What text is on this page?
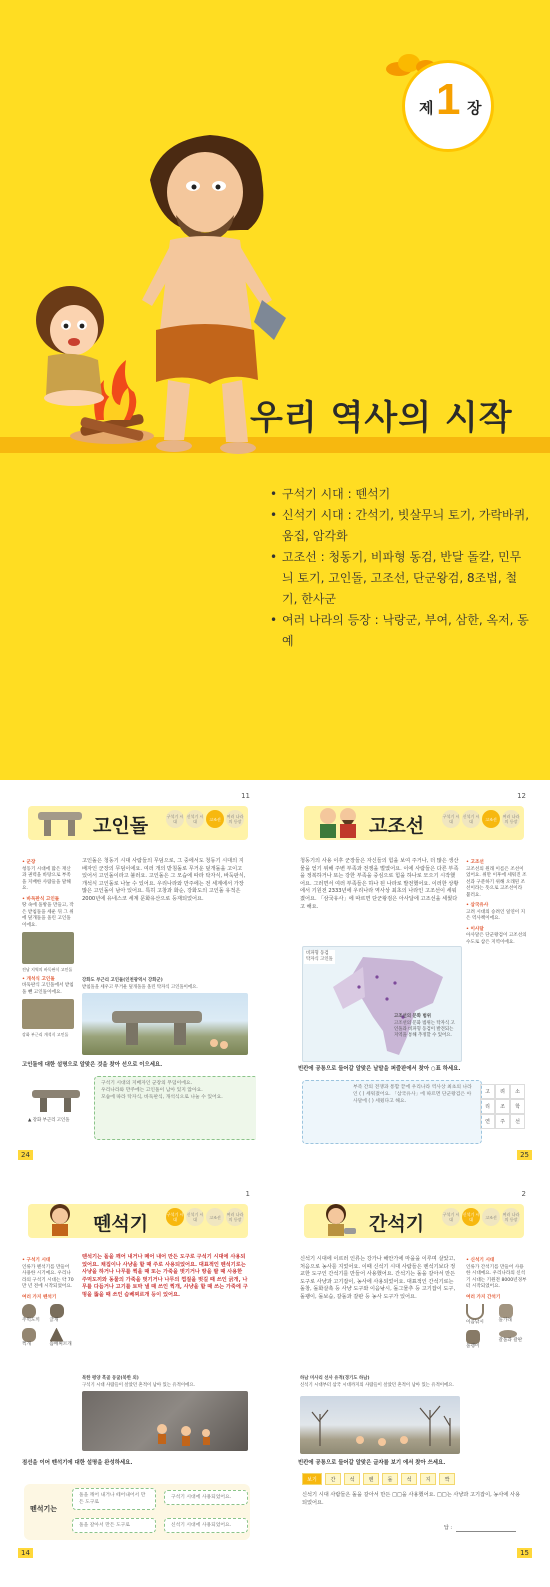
제 1 장
우리 역사의 시작
• 구석기 시대 : 뗀석기
• 신석기 시대 : 간석기, 빗살무늬 토기, 가락바퀴, 움집, 암각화
• 고조선 : 청동기, 비파형 동검, 반달 돌칼, 민무늬 토기, 고인돌, 고조선, 단군왕검, 8조법, 철기, 한사군
• 여러 나라의 등장 : 낙랑군, 부여, 삼한, 옥저, 동예
11
고인돌	구석기 시대
신석기 시대	고조선	여러 나라의 등장
• 군장
청동기 시대에 많은 재산과 권력을 바탕으로 부족을 지배한 사람들을 말해요.
• 바둑판식 고인돌
땅 속에 돌방을 만들고, 작은 받침돌을 세운 뒤 그 위에 덮개돌을 올린 고인돌이에요.
전남 지역의 바둑판식 고인돌
• 개석식 고인돌
바둑판식 고인돌에서 받침돌 뺀 고인돌이에요.
강화 부근리 개석식 고인돌
고인돌은 청동기 시대 사람들의 무덤으로, 그 중에서도 청동기 시대의 지배자인 군장의 무덤이에요. 여러 개의 받침돌로 무거운 덮개돌을 고이고 있어서 고인돌이라고 불러요. 고인돌은 그 모습에 따라 탁자식, 바둑판식, 개석식 고인돌로 나눌 수 있어요. 우리나라와 만주에는 전 세계에서 가장 많은 고인돌이 남아 있어요. 특히 고창과 화순, 강화도의 고인돌 유적은 2000년에 유네스코 세계 문화유산으로 등재되었어요.
강화도 부근리 고인돌(인천광역시 강화군)
받침돌을 세우고 무거운 덮개돌을 올린 탁자식 고인돌이에요.
고인돌에 대한 설명으로 알맞은 것을 찾아 선으로 이으세요.
▲ 강화 부근리 고인돌
구석기 시대의 지배자인 군장의 무덤이에요.
우리나라와 만주에는 고인돌이 남아 있지 않아요.
모습에 따라 탁자식, 바둑판식, 개석식으로 나눌 수 있어요.
24
12
고조선	구석기 시대
신석기 시대	고조선	여러 나라의 등장
청동기의 사용 이후 군장들은 자신들의 힘을 보여 주거나, 더 많은 생산물을 얻기 위해 주변 부족과 전쟁을 벌였어요. 이에 사람들은 다른 부족을 정복하거나 또는 강한 부족을 중심으로 힘을 하나로 모으기 시작했어요. 그러면서 여러 부족들은 하나 된 나라로 발전했어요. 이러한 상황에서 기원전 2333년에 우리나라 역사상 최초의 나라인 고조선이 세워졌어요. 「삼국유사」에 따르면 단군왕검은 아사달에 고조선을 세웠다고 해요.
• 고조선
고조선의 원래 이름은 조선이었어요. 위만 이후에 세워진 조선과 구분하기 위해 오래된 조선이라는 뜻으로 고조선이라 불러요.
• 삼국유사
고려 시대의 승려인 일연이 지은 역사책이에요.
• 이사달
아사달은 단군왕검이 고조선의 수도로 삼은 지역이에요.
비파형 동검
탁자식 고인돌
고조선의 문화 범위
고조선의 문화 범위는 탁자식 고인돌과 비파형 동검이 발견되는 지역을 통해 추정할 수 있어요.
빈칸에 공통으로 들어갈 알맞은 낱말을 퍼즐판에서 찾아 ○표 하세요.
부족 간의 전쟁과 통합 끝에 우리나라 역사상 최초의 나라인 ( ) 세워졌어요. 「삼국유사」에 따르면 단군왕검은 아사달에 ( ) 세웠다고 해요.
고	려	소
리	조	학
연	주	선
25
1
뗀석기	구석기 시대
신석기 시대	고조선	여러 나라의 등장
• 구석기 시대
인류가 뗀석기를 만들어 사용한 시기예요. 우리나라의 구석기 시대는 약 70만 년 전에 시작되었어요.
여러 가지 뗀석기
주먹도끼	긁개
찍개	슴베찌르개
뗀석기는 돌을 깨어 내거나 떼어 내어 만든 도구로 구석기 시대에 사용되었어요. 채집이나 사냥을 할 때 주로 사용되었어요. 대표적인 뗀석기로는 사냥을 하거나 나무를 찍을 때 또는 가죽을 벗기거나 땅을 팔 때 사용한 주먹도끼와 동물의 가죽을 벗기거나 나무의 껍질을 벗길 때 쓰인 긁개, 나무를 다듬거나 고기를 토막 낼 때 쓰인 찍개, 사냥을 할 때 쓰는 가죽에 구멍을 뚫을 때 쓰인 슴베찌르개 등이 있어요.
북한 평양 흑골 동굴(북한 외)
구석기 시대 사람들이 살았던 흔적이 남아 있는 유적이에요.
점선을 이어 뗀석기에 대한 설명을 완성하세요.
뗀석기는
돌을 깨어 내거나 떼어내어서 만든 도구로
돌을 갈아서 만든 도구로
구석기 시대에 사용되었어요.
신석기 시대에 사용되었어요.
14
2
간석기	구석기 시대
신석기 시대	고조선	여러 나라의 등장
신석기 시대에 이르러 인류는 강가나 해안가에 마을을 이루며 살았고, 처음으로 농사를 지었어요. 이때 신석기 시대 사람들은 뗀석기보다 정교한 도구인 간석기를 만들어 사용했어요. 간석기는 돌을 갈아서 만든 도구로 사냥과 고기잡이, 농사에 사용되었어요. 대표적인 간석기로는 돌창, 돌화살촉 등 사냥 도구와 이음낚시, 돌그물추 등 고기잡이 도구, 돌괭이, 돌보습, 갈돌과 갈판 등 농사 도구가 있어요.
• 신석기 시대
인류가 간석기를 만들어 사용한 시대예요. 우리나라의 신석기 시대는 기원전 8000년경부터 시작되었어요.
여러 가지 간석기
이음낚시	돌가래
돌괭이
갈돌과 갈판
하남 미사리 선사 유적(경기도 하남)
신석기 시대부터 삼국 시대까지의 사람들이 살았던 흔적이 남아 있는 유적이에요.
빈칸에 공통으로 들어갈 알맞은 글자를 보기 에서 찾아 쓰세요.
보기	간	석	뗀	돌	석	지	짝
신석기 시대 사람들은 돌을 갈아서 만든 □□을 사용했어요. □□는 사냥과 고기잡이, 농사에 사용되었어요.
답 :
15
